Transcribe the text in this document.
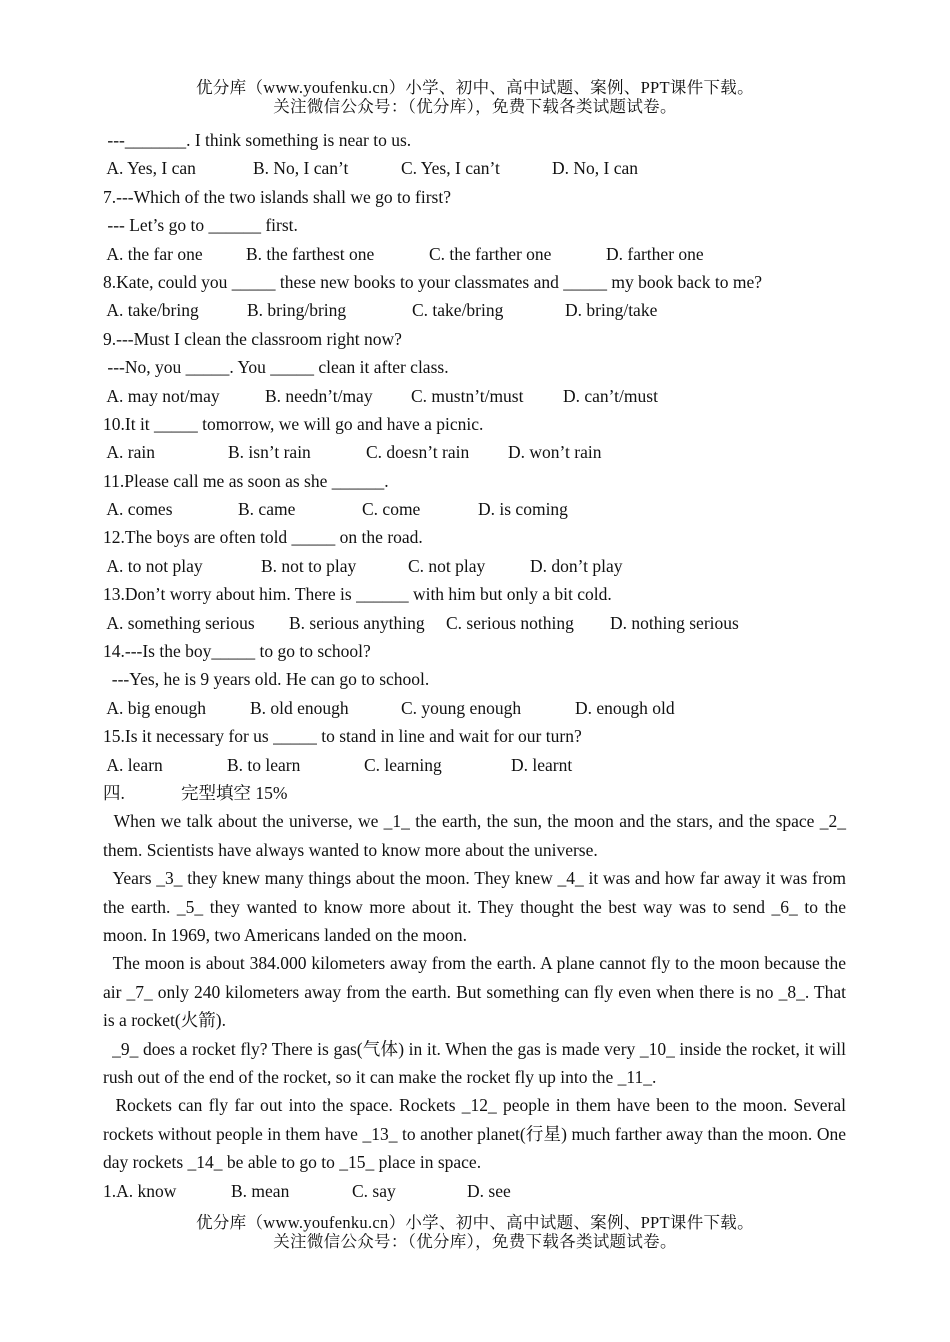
优分库（www.youfenku.cn）小学、初中、高中试题、案例、PPT课件下载。
关注微信公众号：（优分库），免费下载各类试题试卷。
---_______. I think something is near to us.
A. Yes, I can	B. No, I can’t	C. Yes, I can’t	D. No, I can
7.---Which of the two islands shall we go to first?
--- Let’s go to ______ first.
A. the far one B. the farthest one	C. the farther one	D. farther one
8.Kate, could you _____ these new books to your classmates and _____ my book back to me?
A. take/bring	B. bring/bring	C. take/bring	D. bring/take
9.---Must I clean the classroom right now?
---No, you _____. You _____ clean it after class.
A. may not/may	B. needn’t/may C. mustn’t/must D. can’t/must
10.It it _____ tomorrow, we will go and have a picnic.
A. rain	B. isn’t rain	C. doesn’t rain D. won’t rain
11.Please call me as soon as she ______.
A. comes	B. came	C. come	D. is coming
12.The boys are often told _____ on the road.
A. to not play	B. not to play	C. not play	D. don’t play
13.Don’t worry about him. There is ______ with him but only a bit cold.
A. something serious B. serious anything C. serious nothing D. nothing serious
14.---Is the boy_____ to go to school?
---Yes, he is 9 years old. He can go to school.
A. big enough	B. old enough	C. young enough	D. enough old
15.Is it necessary for us _____ to stand in line and wait for our turn?
A. learn	B. to learn	C. learning	D. learnt
四.	完型填空 15%
When we talk about the universe, we _1_ the earth, the sun, the moon and the stars, and the space _2_ them. Scientists have always wanted to know more about the universe.
Years _3_ they knew many things about the moon. They knew _4_ it was and how far away it was from the earth. _5_ they wanted to know more about it. They thought the best way was to send _6_ to the moon. In 1969, two Americans landed on the moon.
The moon is about 384.000 kilometers away from the earth. A plane cannot fly to the moon because the air _7_ only 240 kilometers away from the earth. But something can fly even when there is no _8_. That is a rocket(火箭).
_9_ does a rocket fly? There is gas(气体) in it. When the gas is made very _10_ inside the rocket, it will rush out of the end of the rocket, so it can make the rocket fly up into the _11_.
Rockets can fly far out into the space. Rockets _12_ people in them have been to the moon. Several rockets without people in them have _13_ to another planet(行星) much farther away than the moon. One day rockets _14_ be able to go to _15_ place in space.
1.A. know	B. mean	C. say	D. see
优分库（www.youfenku.cn）小学、初中、高中试题、案例、PPT课件下载。
关注微信公众号：（优分库），免费下载各类试题试卷。
